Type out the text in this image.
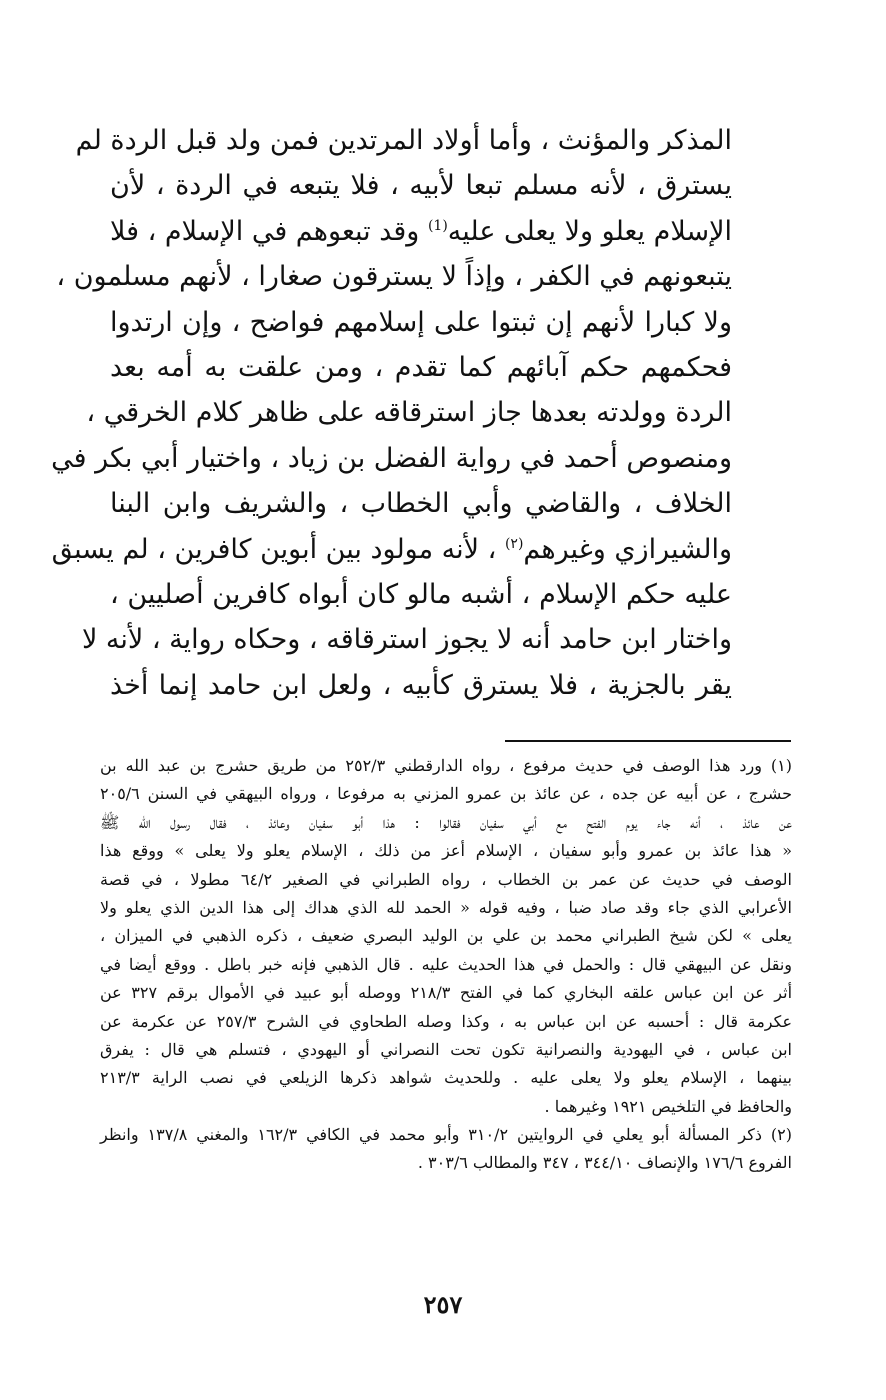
المذكر والمؤنث ، وأما أولاد المرتدين فمن ولد قبل الردة لم
يسترق ، لأنه مسلم تبعا لأبيه ، فلا يتبعه في الردة ، لأن
الإسلام يعلو ولا يعلى عليه$^{(1)}$ وقد تبعوهم في الإسلام ، فلا
يتبعونهم في الكفر ، وإذاً لا يسترقون صغارا ، لأنهم مسلمون ،
ولا كبارا لأنهم إن ثبتوا على إسلامهم فواضح ، وإن ارتدوا
فحكمهم حكم آبائهم كما تقدم ، ومن علقت به أمه بعد
الردة وولدته بعدها جاز استرقاقه على ظاهر كلام الخرقي ،
ومنصوص أحمد في رواية الفضل بن زياد ، واختيار أبي بكر في
الخلاف ، والقاضي وأبي الخطاب ، والشريف وابن البنا
والشيرازي وغيرهم$^{(٢)}$ ، لأنه مولود بين أبوين كافرين ، لم يسبق
عليه حكم الإسلام ، أشبه مالو كان أبواه كافرين أصليين ،
واختار ابن حامد أنه لا يجوز استرقاقه ، وحكاه رواية ، لأنه لا
يقر بالجزية ، فلا يسترق كأبيه ، ولعل ابن حامد إنما أخذ
(١) ورد هذا الوصف في حديث مرفوع ، رواه الدارقطني ٢٥٢/٣ من طريق حشرج بن عبد الله بن
حشرج ، عن أبيه عن جده ، عن عائذ بن عمرو المزني به مرفوعا ، ورواه البيهقي في السنن ٢٠٥/٦
عن عائذ ، أنه جاء يوم الفتح مع أبي سفيان فقالوا : هذا أبو سفيان وعائذ ، فقال رسول الله ﷺ
« هذا عائذ بن عمرو وأبو سفيان ، الإسلام أعز من ذلك ، الإسلام يعلو ولا يعلى » ووقع هذا
الوصف في حديث عن عمر بن الخطاب ، رواه الطبراني في الصغير ٦٤/٢ مطولا ، في قصة
الأعرابي الذي جاء وقد صاد ضبا ، وفيه قوله « الحمد لله الذي هداك إلى هذا الدين الذي يعلو ولا
يعلى » لكن شيخ الطبراني محمد بن علي بن الوليد البصري ضعيف ، ذكره الذهبي في الميزان ،
ونقل عن البيهقي قال : والحمل في هذا الحديث عليه . قال الذهبي فإنه خبر باطل . ووقع أيضا في
أثر عن ابن عباس علقه البخاري كما في الفتح ٢١٨/٣ ووصله أبو عبيد في الأموال برقم ٣٢٧ عن
عكرمة قال : أحسبه عن ابن عباس به ، وكذا وصله الطحاوي في الشرح ٢٥٧/٣ عن عكرمة عن
ابن عباس ، في اليهودية والنصرانية تكون تحت النصراني أو اليهودي ، فتسلم هي قال : يفرق
بينهما ، الإسلام يعلو ولا يعلى عليه . وللحديث شواهد ذكرها الزيلعي في نصب الراية ٢١٣/٣
والحافظ في التلخيص ١٩٢١ وغيرهما .
(٢) ذكر المسألة أبو يعلي في الروايتين ٣١٠/٢ وأبو محمد في الكافي ١٦٢/٣ والمغني ١٣٧/٨ وانظر
الفروع ١٧٦/٦ والإنصاف ٣٤٤/١٠ ، ٣٤٧ والمطالب ٣٠٣/٦ .
٢٥٧
